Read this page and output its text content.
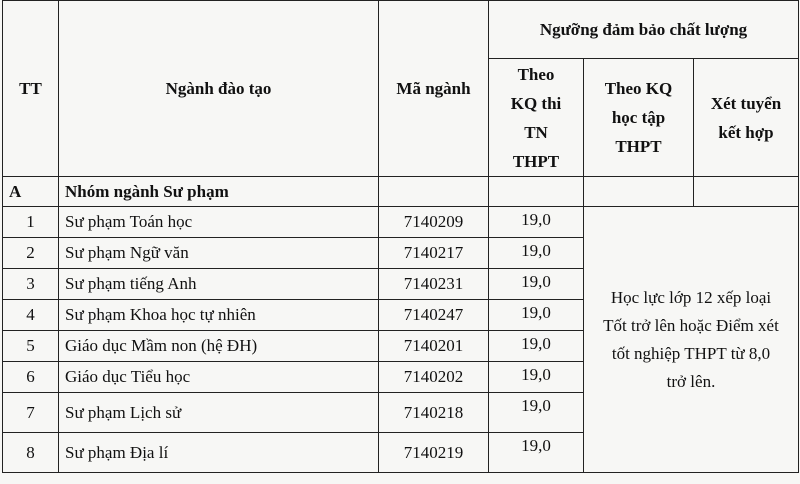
TT	Ngành đào tạo	Mã ngành	Ngưỡng đảm bảo chất lượng		

			Theo KQ thi TN THPT	Theo KQ học tập THPT	Xét tuyển kết hợp

A	Nhóm ngành Sư phạm				
1	Sư phạm Toán học	7140209	19,0	Học lực lớp 12 xếp loại Tốt trở lên hoặc Điểm xét tốt nghiệp THPT từ 8,0 trở lên.	

2	Sư phạm Ngữ văn	7140217	19,0		
3	Sư phạm tiếng Anh	7140231	19,0		
4	Sư phạm Khoa học tự nhiên	7140247	19,0		
5	Giáo dục Mầm non (hệ ĐH)	7140201	19,0		
6	Giáo dục Tiểu học	7140202	19,0		
7	Sư phạm Lịch sử	7140218	19,0		
8	Sư phạm Địa lí	7140219	19,0		
